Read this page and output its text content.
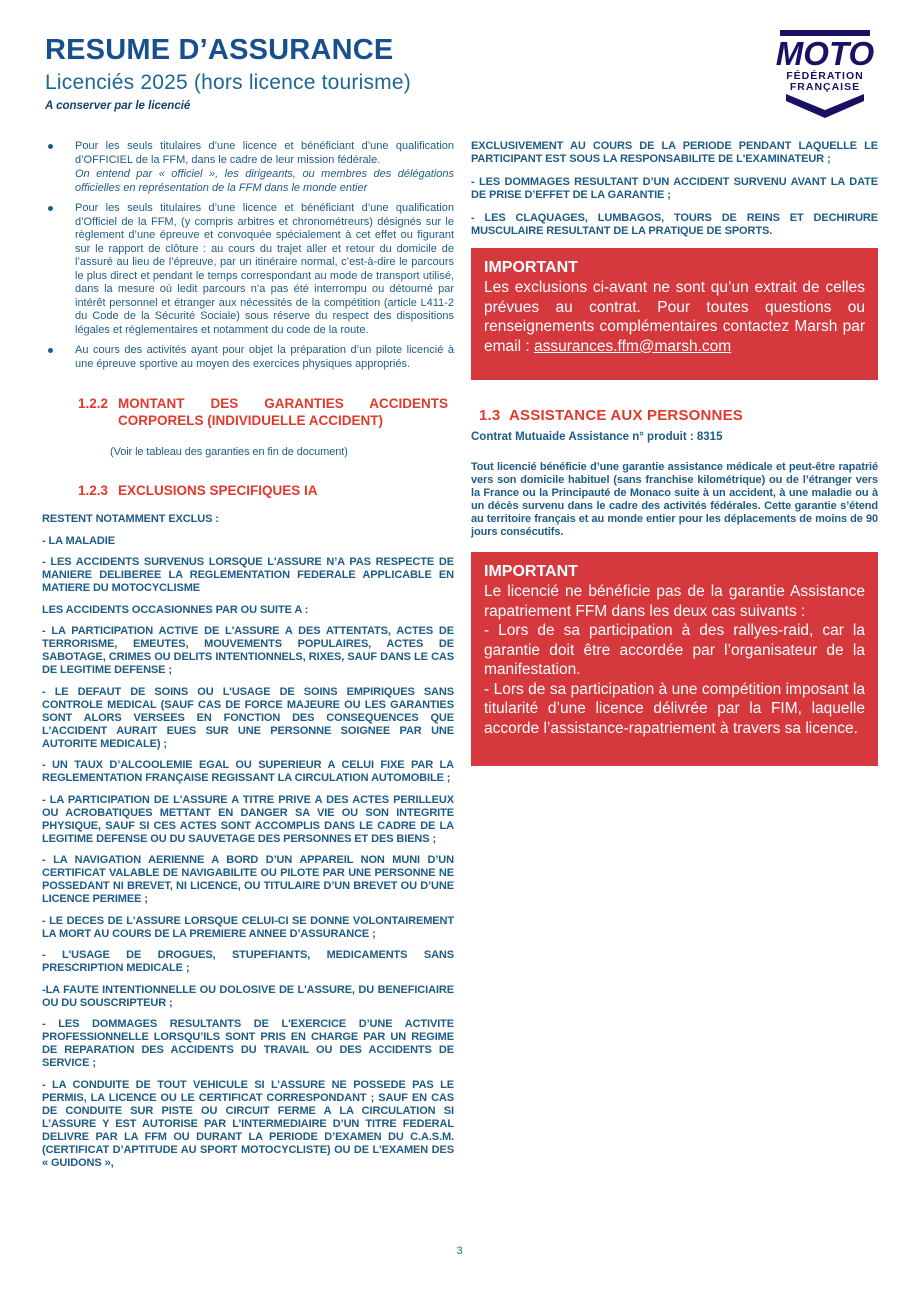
RESUME D’ASSURANCE
Licenciés 2025 (hors licence tourisme)
A conserver par le licencié
MOTO
FÉDÉRATION
FRANÇAISE
Pour les seuls titulaires d’une licence et bénéficiant d’une qualification d’OFFICIEL de la FFM, dans le cadre de leur mission fédérale.
On entend par « officiel », les dirigeants, ou membres des délégations officielles en représentation de la FFM dans le monde entier
Pour les seuls titulaires d’une licence et bénéficiant d’une qualification d’Officiel de la FFM, (y compris arbitres et chronométreurs) désignés sur le règlement d’une épreuve et convoquée spécialement à cet effet ou figurant sur le rapport de clôture : au cours du trajet aller et retour du domicile de l’assuré au lieu de l’épreuve, par un itinéraire normal, c’est-à-dire le parcours le plus direct et pendant le temps correspondant au mode de transport utilisé, dans la mesure où ledit parcours n’a pas été interrompu ou détourné par intérêt personnel et étranger aux nécessités de la compétition (article L411-2 du Code de la Sécurité Sociale) sous réserve du respect des dispositions légales et réglementaires et notamment du code de la route.
Au cours des activités ayant pour objet la préparation d’un pilote licencié à une épreuve sportive au moyen des exercices physiques appropriés.
1.2.2 MONTANT DES GARANTIES ACCIDENTS CORPORELS (INDIVIDUELLE ACCIDENT)
(Voir le tableau des garanties en fin de document)
1.2.3 EXCLUSIONS SPECIFIQUES IA

RESTENT NOTAMMENT EXCLUS :

- LA MALADIE

- LES ACCIDENTS SURVENUS LORSQUE L'ASSURE N’A PAS RESPECTE DE MANIERE DELIBEREE LA REGLEMENTATION FEDERALE APPLICABLE EN MATIERE DU MOTOCYCLISME

LES ACCIDENTS OCCASIONNES PAR OU SUITE A :

- LA PARTICIPATION ACTIVE DE L'ASSURE A DES ATTENTATS, ACTES DE TERRORISME, EMEUTES, MOUVEMENTS POPULAIRES, ACTES DE SABOTAGE, CRIMES OU DELITS INTENTIONNELS, RIXES, SAUF DANS LE CAS DE LEGITIME DEFENSE ;

- LE DEFAUT DE SOINS OU L'USAGE DE SOINS EMPIRIQUES SANS CONTROLE MEDICAL (SAUF CAS DE FORCE MAJEURE OU LES GARANTIES SONT ALORS VERSEES EN FONCTION DES CONSEQUENCES QUE L'ACCIDENT AURAIT EUES SUR UNE PERSONNE SOIGNEE PAR UNE AUTORITE MEDICALE) ;

- UN TAUX D’ALCOOLEMIE EGAL OU SUPERIEUR A CELUI FIXE PAR LA REGLEMENTATION FRANÇAISE REGISSANT LA CIRCULATION AUTOMOBILE ;

- LA PARTICIPATION DE L'ASSURE A TITRE PRIVE A DES ACTES PERILLEUX OU ACROBATIQUES METTANT EN DANGER SA VIE OU SON INTEGRITE PHYSIQUE, SAUF SI CES ACTES SONT ACCOMPLIS DANS LE CADRE DE LA LEGITIME DEFENSE OU DU SAUVETAGE DES PERSONNES ET DES BIENS ;

- LA NAVIGATION AERIENNE A BORD D’UN APPAREIL NON MUNI D’UN CERTIFICAT VALABLE DE NAVIGABILITE OU PILOTE PAR UNE PERSONNE NE POSSEDANT NI BREVET, NI LICENCE, OU TITULAIRE D’UN BREVET OU D’UNE LICENCE PERIMEE ;

- LE DECES DE L'ASSURE LORSQUE CELUI-CI SE DONNE VOLONTAIREMENT LA MORT AU COURS DE LA PREMIERE ANNEE D’ASSURANCE ;

- L'USAGE DE DROGUES, STUPEFIANTS, MEDICAMENTS SANS PRESCRIPTION MEDICALE ;

-LA FAUTE INTENTIONNELLE OU DOLOSIVE DE L'ASSURE, DU BENEFICIAIRE OU DU SOUSCRIPTEUR ;

- LES DOMMAGES RESULTANTS DE L'EXERCICE D’UNE ACTIVITE PROFESSIONNELLE LORSQU’ILS SONT PRIS EN CHARGE PAR UN REGIME DE REPARATION DES ACCIDENTS DU TRAVAIL OU DES ACCIDENTS DE SERVICE ;

- LA CONDUITE DE TOUT VEHICULE SI L’ASSURE NE POSSEDE PAS LE PERMIS, LA LICENCE OU LE CERTIFICAT CORRESPONDANT ; SAUF EN CAS DE CONDUITE SUR PISTE OU CIRCUIT FERME A LA CIRCULATION SI L’ASSURE Y EST AUTORISE PAR L’INTERMEDIAIRE D’UN TITRE FEDERAL DELIVRE PAR LA FFM OU DURANT LA PERIODE D’EXAMEN DU C.A.S.M. (CERTIFICAT D’APTITUDE AU SPORT MOTOCYCLISTE) OU DE L'EXAMEN DES « GUIDONS »,

EXCLUSIVEMENT AU COURS DE LA PERIODE PENDANT LAQUELLE LE PARTICIPANT EST SOUS LA RESPONSABILITE DE L'EXAMINATEUR ;

- LES DOMMAGES RESULTANT D’UN ACCIDENT SURVENU AVANT LA DATE DE PRISE D’EFFET DE LA GARANTIE ;

- LES CLAQUAGES, LUMBAGOS, TOURS DE REINS ET DECHIRURE MUSCULAIRE RESULTANT DE LA PRATIQUE DE SPORTS.

IMPORTANT
Les exclusions ci-avant ne sont qu’un extrait de celles prévues au contrat. Pour toutes questions ou renseignements complémentaires contactez Marsh par email : assurances.ffm@marsh.com
1.3 ASSISTANCE AUX PERSONNES
Contrat Mutuaide Assistance n° produit : 8315

Tout licencié bénéficie d’une garantie assistance médicale et peut-être rapatrié vers son domicile habituel (sans franchise kilométrique) ou de l’étranger vers la France ou la Principauté de Monaco suite à un accident, à une maladie ou à un décès survenu dans le cadre des activités fédérales. Cette garantie s’étend au territoire français et au monde entier pour les déplacements de moins de 90 jours consécutifs.

IMPORTANT
Le licencié ne bénéficie pas de la garantie Assistance rapatriement FFM dans les deux cas suivants :
- Lors de sa participation à des rallyes-raid, car la garantie doit être accordée par l’organisateur de la manifestation.
- Lors de sa participation à une compétition imposant la titularité d’une licence délivrée par la FIM, laquelle accorde l’assistance-rapatriement à travers sa licence.
3
